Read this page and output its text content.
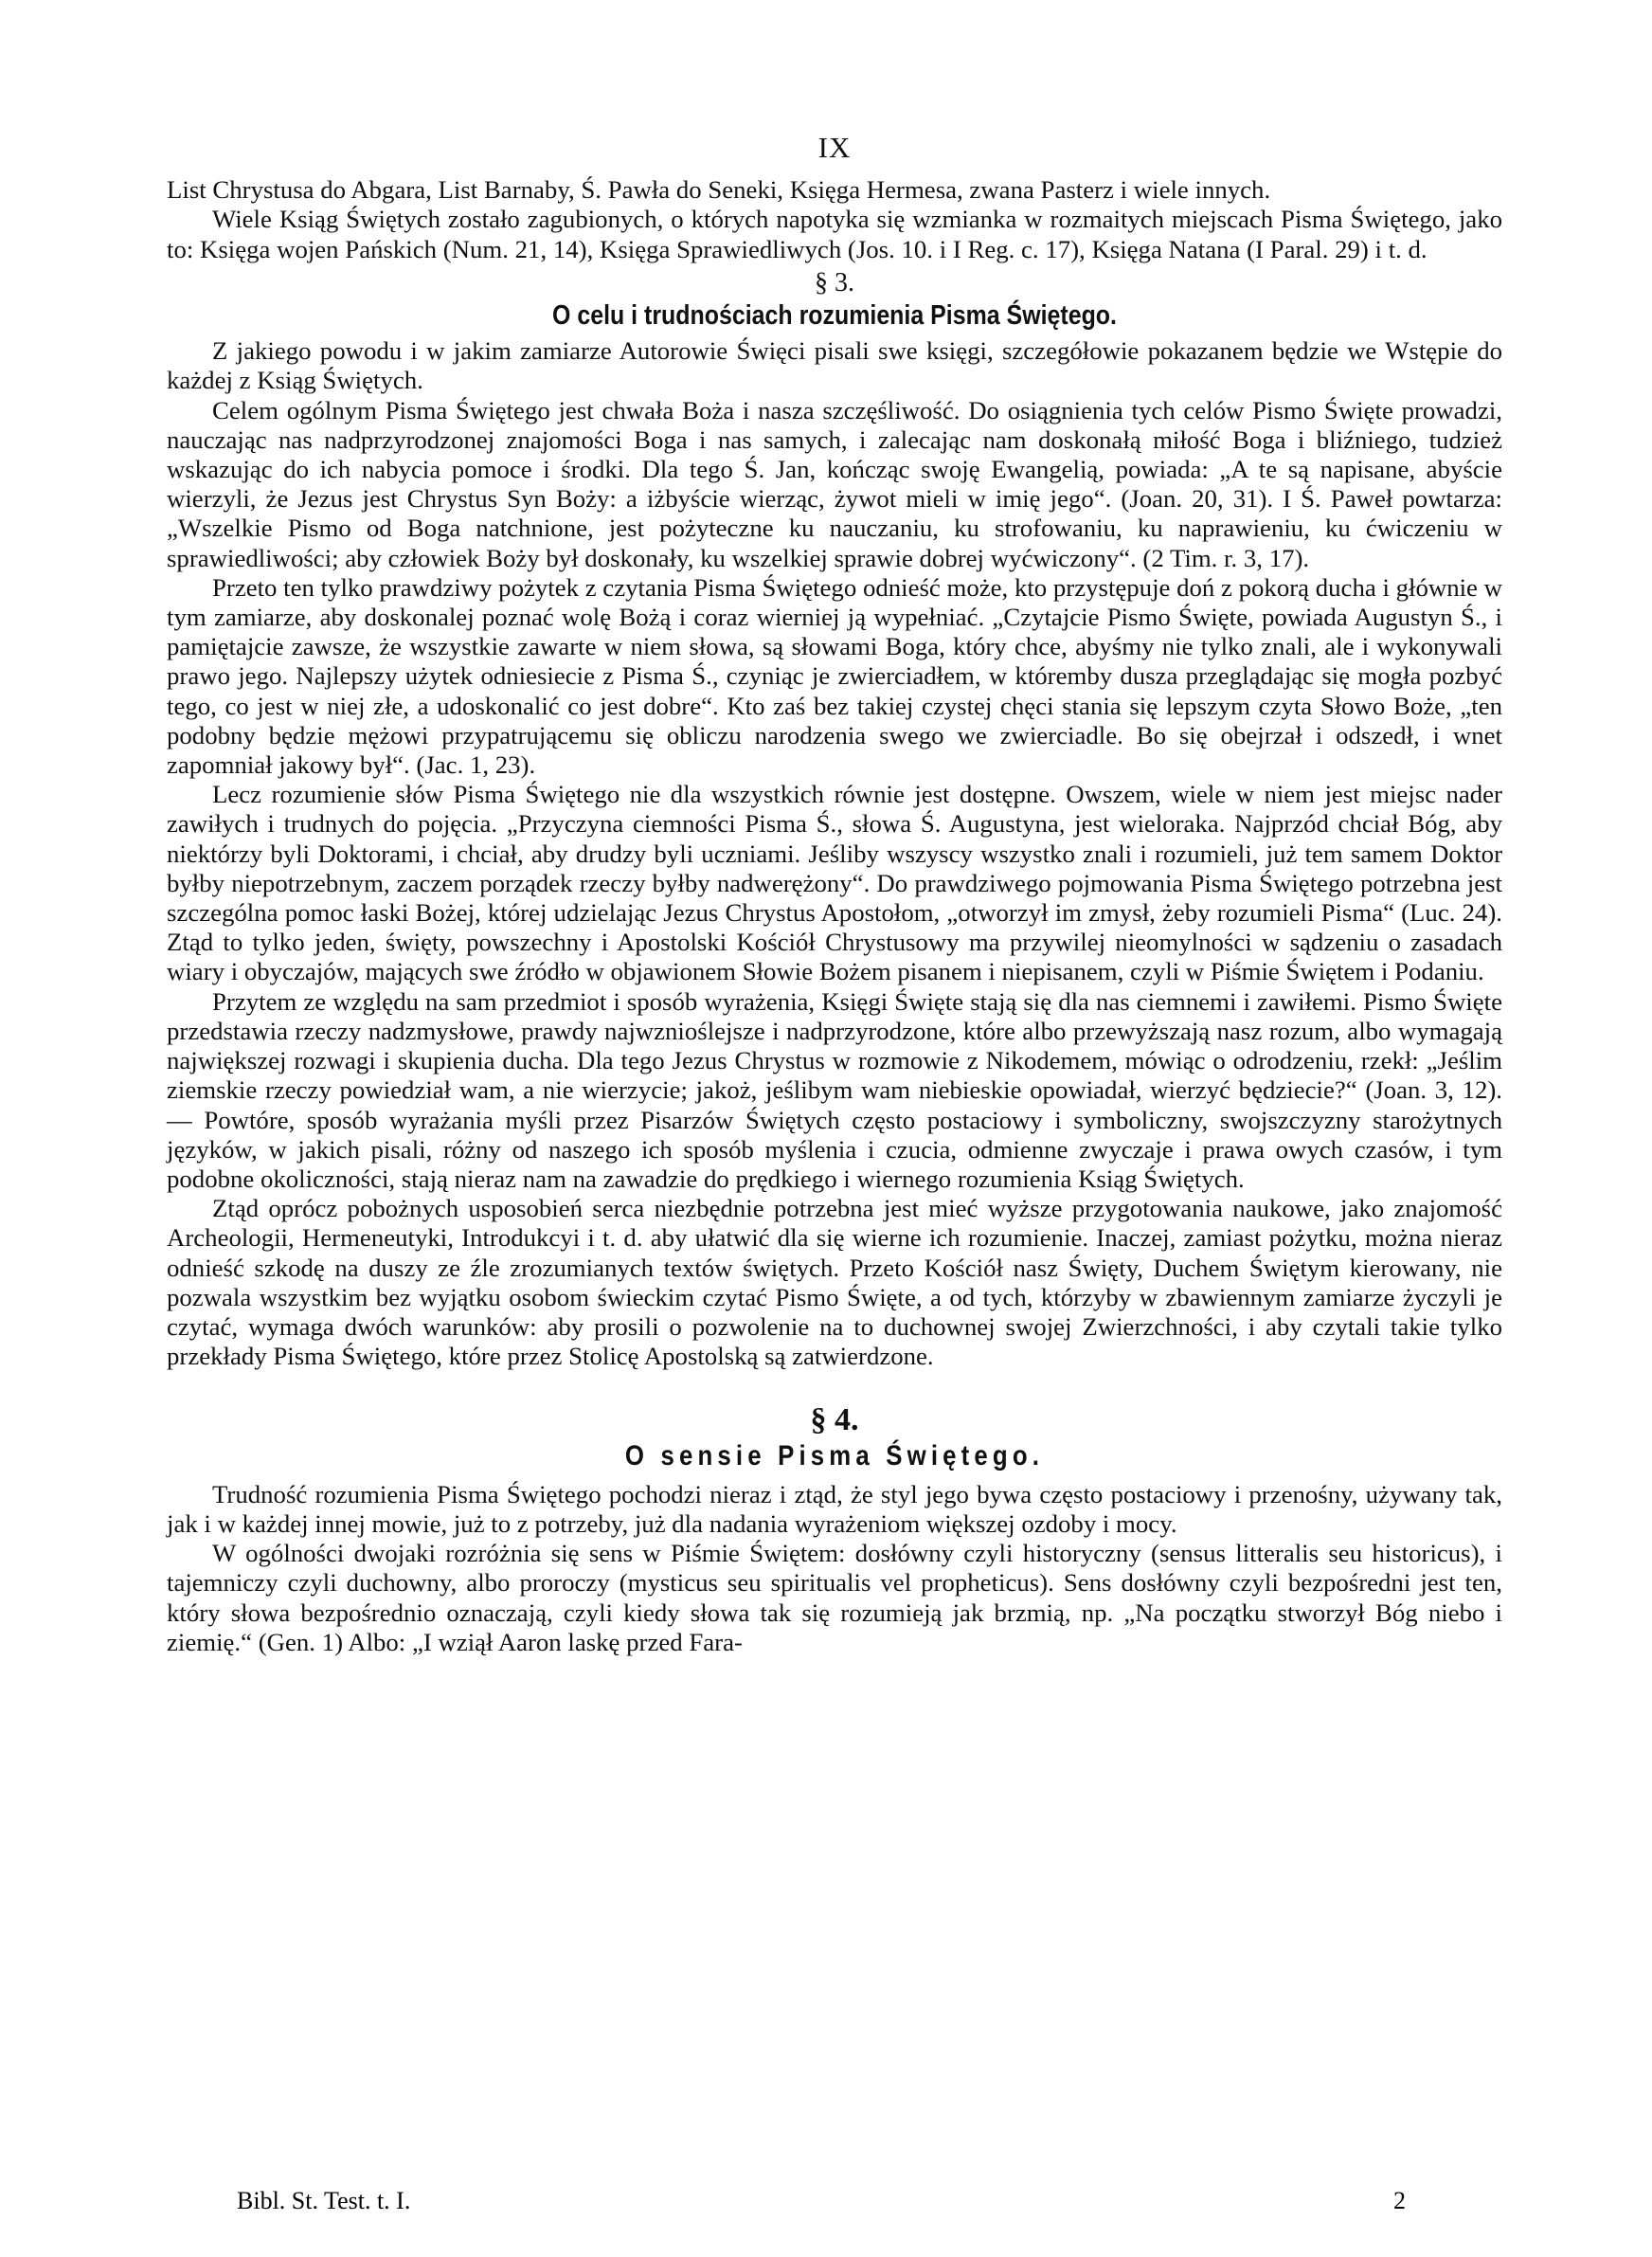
IX

List Chrystusa do Abgara, List Barnaby, Ś. Pawła do Seneki, Księga Hermesa, zwana Pasterz i wiele innych.

Wiele Ksiąg Świętych zostało zagubionych, o których napotyka się wzmianka w rozmaitych miejscach Pisma Świętego, jako to: Księga wojen Pańskich (Num. 21, 14), Księga Sprawiedliwych (Jos. 10. i I Reg. c. 17), Księga Natana (I Paral. 29) i t. d.

§ 3.
O celu i trudnościach rozumienia Pisma Świętego.

Z jakiego powodu i w jakim zamiarze Autorowie Święci pisali swe księgi, szczegółowie pokazanem będzie we Wstępie do każdej z Ksiąg Świętych.

Celem ogólnym Pisma Świętego jest chwała Boża i nasza szczęśliwość. Do osiągnienia tych celów Pismo Święte prowadzi, nauczając nas nadprzyrodzonej znajomości Boga i nas samych, i zalecając nam doskonałą miłość Boga i bliźniego, tudzież wskazując do ich nabycia pomoce i środki. Dla tego Ś. Jan, kończąc swoję Ewangelią, powiada: „A te są napisane, abyście wierzyli, że Jezus jest Chrystus Syn Boży: a iżbyście wierząc, żywot mieli w imię jego“. (Joan. 20, 31). I Ś. Paweł powtarza: „Wszelkie Pismo od Boga natchnione, jest pożyteczne ku nauczaniu, ku strofowaniu, ku naprawieniu, ku ćwiczeniu w sprawiedliwości; aby człowiek Boży był doskonały, ku wszelkiej sprawie dobrej wyćwiczony“. (2 Tim. r. 3, 17).

Przeto ten tylko prawdziwy pożytek z czytania Pisma Świętego odnieść może, kto przystępuje doń z pokorą ducha i głównie w tym zamiarze, aby doskonalej poznać wolę Bożą i coraz wierniej ją wypełniać. „Czytajcie Pismo Święte, powiada Augustyn Ś., i pamiętajcie zawsze, że wszystkie zawarte w niem słowa, są słowami Boga, który chce, abyśmy nie tylko znali, ale i wykonywali prawo jego. Najlepszy użytek odniesiecie z Pisma Ś., czyniąc je zwierciadłem, w któremby dusza przeglądając się mogła pozbyć tego, co jest w niej złe, a udoskonalić co jest dobre“. Kto zaś bez takiej czystej chęci stania się lepszym czyta Słowo Boże, „ten podobny będzie mężowi przypatrującemu się obliczu narodzenia swego we zwierciadle. Bo się obejrzał i odszedł, i wnet zapomniał jakowy był“. (Jac. 1, 23).

Lecz rozumienie słów Pisma Świętego nie dla wszystkich równie jest dostępne. Owszem, wiele w niem jest miejsc nader zawiłych i trudnych do pojęcia. „Przyczyna ciemności Pisma Ś., słowa Ś. Augustyna, jest wieloraka. Najprzód chciał Bóg, aby niektórzy byli Doktorami, i chciał, aby drudzy byli uczniami. Jeśliby wszyscy wszystko znali i rozumieli, już tem samem Doktor byłby niepotrzebnym, zaczem porządek rzeczy byłby nadwerężony“. Do prawdziwego pojmowania Pisma Świętego potrzebna jest szczególna pomoc łaski Bożej, której udzielając Jezus Chrystus Apostołom, „otworzył im zmysł, żeby rozumieli Pisma“ (Luc. 24). Ztąd to tylko jeden, święty, powszechny i Apostolski Kościół Chrystusowy ma przywilej nieomylności w sądzeniu o zasadach wiary i obyczajów, mających swe źródło w objawionem Słowie Bożem pisanem i niepisanem, czyli w Piśmie Świętem i Podaniu.

Przytem ze względu na sam przedmiot i sposób wyrażenia, Księgi Święte stają się dla nas ciemnemi i zawiłemi. Pismo Święte przedstawia rzeczy nadzmysłowe, prawdy najwznioślejsze i nadprzyrodzone, które albo przewyższają nasz rozum, albo wymagają największej rozwagi i skupienia ducha. Dla tego Jezus Chrystus w rozmowie z Nikodemem, mówiąc o odrodzeniu, rzekł: „Jeślim ziemskie rzeczy powiedział wam, a nie wierzycie; jakoż, jeślibym wam niebieskie opowiadał, wierzyć będziecie?“ (Joan. 3, 12). — Powtóre, sposób wyrażania myśli przez Pisarzów Świętych często postaciowy i symboliczny, swojszczyzny starożytnych języków, w jakich pisali, różny od naszego ich sposób myślenia i czucia, odmienne zwyczaje i prawa owych czasów, i tym podobne okoliczności, stają nieraz nam na zawadzie do prędkiego i wiernego rozumienia Ksiąg Świętych.

Ztąd oprócz pobożnych usposobień serca niezbędnie potrzebna jest mieć wyższe przygotowania naukowe, jako znajomość Archeologii, Hermeneutyki, Introdukcyi i t. d. aby ułatwić dla się wierne ich rozumienie. Inaczej, zamiast pożytku, można nieraz odnieść szkodę na duszy ze źle zrozumianych textów świętych. Przeto Kościół nasz Święty, Duchem Świętym kierowany, nie pozwala wszystkim bez wyjątku osobom świeckim czytać Pismo Święte, a od tych, którzyby w zbawiennym zamiarze życzyli je czytać, wymaga dwóch warunków: aby prosili o pozwolenie na to duchownej swojej Zwierzchności, i aby czytali takie tylko przekłady Pisma Świętego, które przez Stolicę Apostolską są zatwierdzone.

§ 4.
O sensie Pisma Świętego.

Trudność rozumienia Pisma Świętego pochodzi nieraz i ztąd, że styl jego bywa często postaciowy i przenośny, używany tak, jak i w każdej innej mowie, już to z potrzeby, już dla nadania wyrażeniom większej ozdoby i mocy.

W ogólności dwojaki rozróżnia się sens w Piśmie Świętem: dosłówny czyli historyczny (sensus litteralis seu historicus), i tajemniczy czyli duchowny, albo proroczy (mysticus seu spiritualis vel propheticus). Sens dosłówny czyli bezpośredni jest ten, który słowa bezpośrednio oznaczają, czyli kiedy słowa tak się rozumieją jak brzmią, np. „Na początku stworzył Bóg niebo i ziemię.“ (Gen. 1) Albo: „I wziął Aaron laskę przed Fara-

Bibl. St. Test. t. I.	2
